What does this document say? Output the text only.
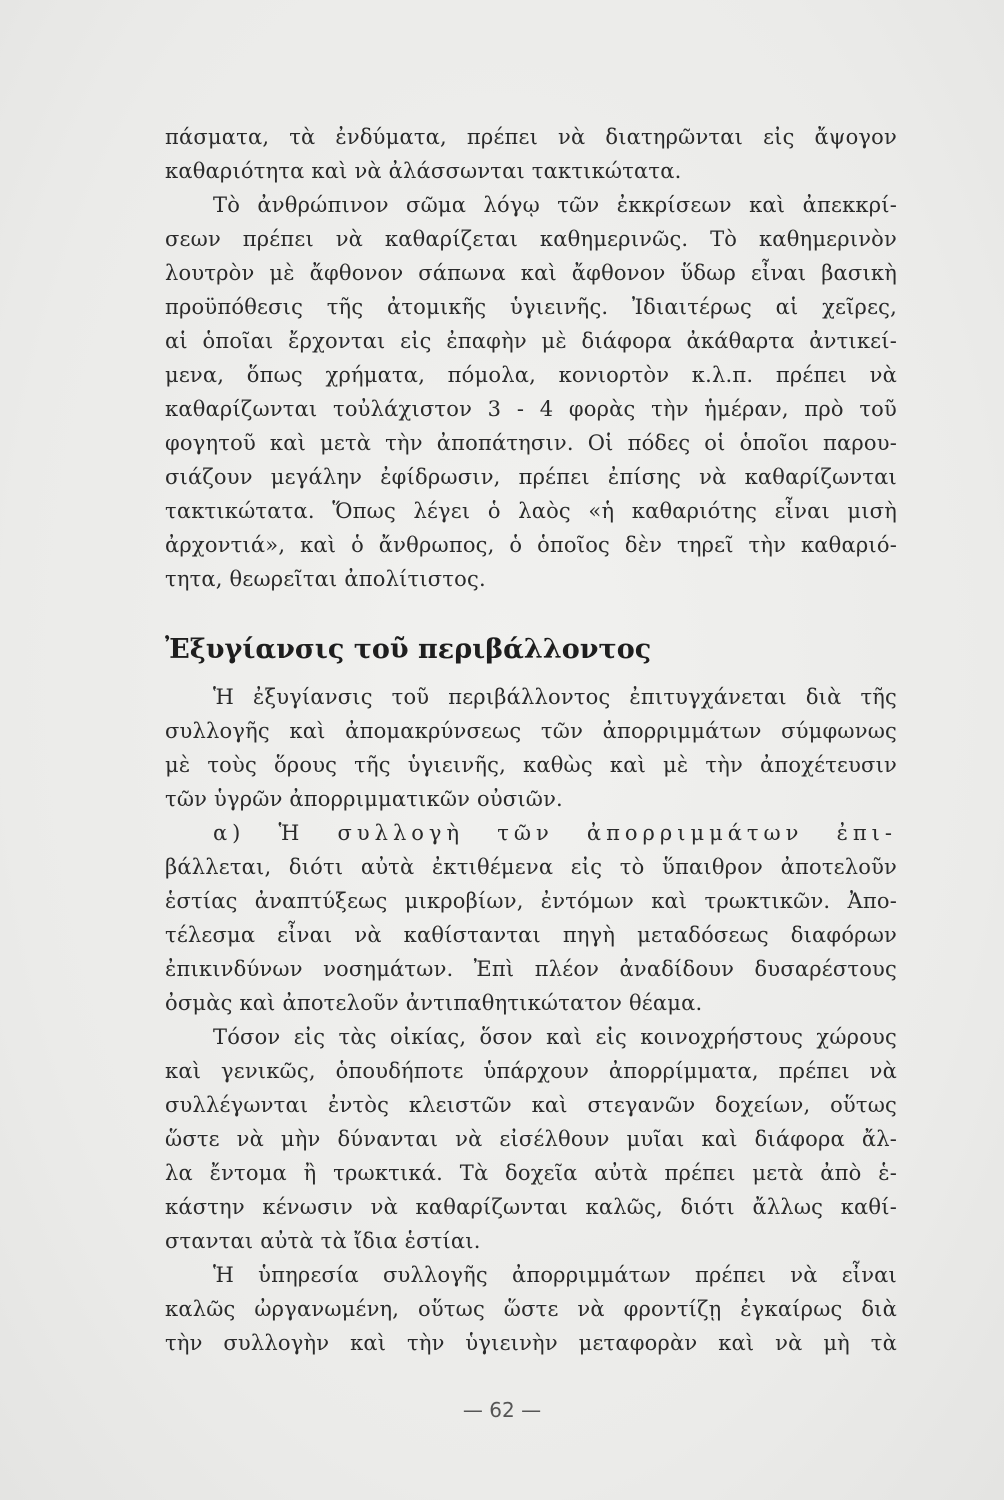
πάσματα, τὰ ἐνδύματα, πρέπει νὰ διατηρῶνται εἰς ἄψογον
καθαριότητα καὶ νὰ ἀλάσσωνται τακτικώτατα.
Τὸ ἀνθρώπινον σῶμα λόγῳ τῶν ἐκκρίσεων καὶ ἀπεκκρί-
σεων πρέπει νὰ καθαρίζεται καθημερινῶς. Τὸ καθημερινὸν
λουτρὸν μὲ ἄφθονον σάπωνα καὶ ἄφθονον ὕδωρ εἶναι βασικὴ
προϋπόθεσις τῆς ἀτομικῆς ὑγιεινῆς. Ἰδιαιτέρως αἱ χεῖρες,
αἱ ὁποῖαι ἔρχονται εἰς ἐπαφὴν μὲ διάφορα ἀκάθαρτα ἀντικεί-
μενα, ὅπως χρήματα, πόμολα, κονιορτὸν κ.λ.π. πρέπει νὰ
καθαρίζωνται τοὐλάχιστον 3 - 4 φορὰς τὴν ἡμέραν, πρὸ τοῦ
φογητοῦ καὶ μετὰ τὴν ἀποπάτησιν. Οἱ πόδες οἱ ὁποῖοι παρου-
σιάζουν μεγάλην ἐφίδρωσιν, πρέπει ἐπίσης νὰ καθαρίζωνται
τακτικώτατα. Ὅπως λέγει ὁ λαὸς «ἡ καθαριότης εἶναι μισὴ
ἀρχοντιά», καὶ ὁ ἄνθρωπος, ὁ ὁποῖος δὲν τηρεῖ τὴν καθαριό-
τητα, θεωρεῖται ἀπολίτιστος.
Ἐξυγίανσις τοῦ περιβάλλοντος
Ἡ ἐξυγίανσις τοῦ περιβάλλοντος ἐπιτυγχάνεται διὰ τῆς
συλλογῆς καὶ ἀπομακρύνσεως τῶν ἀπορριμμάτων σύμφωνως
μὲ τοὺς ὅρους τῆς ὑγιεινῆς, καθὼς καὶ μὲ τὴν ἀποχέτευσιν
τῶν ὑγρῶν ἀπορριμματικῶν οὐσιῶν.
α) Ἡ συλλογὴ τῶν ἀπορριμμάτων ἐπι-
βάλλεται, διότι αὐτὰ ἐκτιθέμενα εἰς τὸ ὕπαιθρον ἀποτελοῦν
ἑστίας ἀναπτύξεως μικροβίων, ἐντόμων καὶ τρωκτικῶν. Ἀπο-
τέλεσμα εἶναι νὰ καθίστανται πηγὴ μεταδόσεως διαφόρων
ἐπικινδύνων νοσημάτων. Ἐπὶ πλέον ἀναδίδουν δυσαρέστους
ὀσμὰς καὶ ἀποτελοῦν ἀντιπαθητικώτατον θέαμα.
Τόσον εἰς τὰς οἰκίας, ὅσον καὶ εἰς κοινοχρήστους χώρους
καὶ γενικῶς, ὁπουδήποτε ὑπάρχουν ἀπορρίμματα, πρέπει νὰ
συλλέγωνται ἐντὸς κλειστῶν καὶ στεγανῶν δοχείων, οὕτως
ὥστε νὰ μὴν δύνανται νὰ εἰσέλθουν μυῖαι καὶ διάφορα ἄλ-
λα ἔντομα ἢ τρωκτικά. Τὰ δοχεῖα αὐτὰ πρέπει μετὰ ἀπὸ ἑ-
κάστην κένωσιν νὰ καθαρίζωνται καλῶς, διότι ἄλλως καθί-
στανται αὐτὰ τὰ ἴδια ἑστίαι.
Ἡ ὑπηρεσία συλλογῆς ἀπορριμμάτων πρέπει νὰ εἶναι
καλῶς ὠργανωμένη, οὕτως ὥστε νὰ φροντίζῃ ἐγκαίρως διὰ
τὴν συλλογὴν καὶ τὴν ὑγιεινὴν μεταφορὰν καὶ νὰ μὴ τὰ
— 62 —
